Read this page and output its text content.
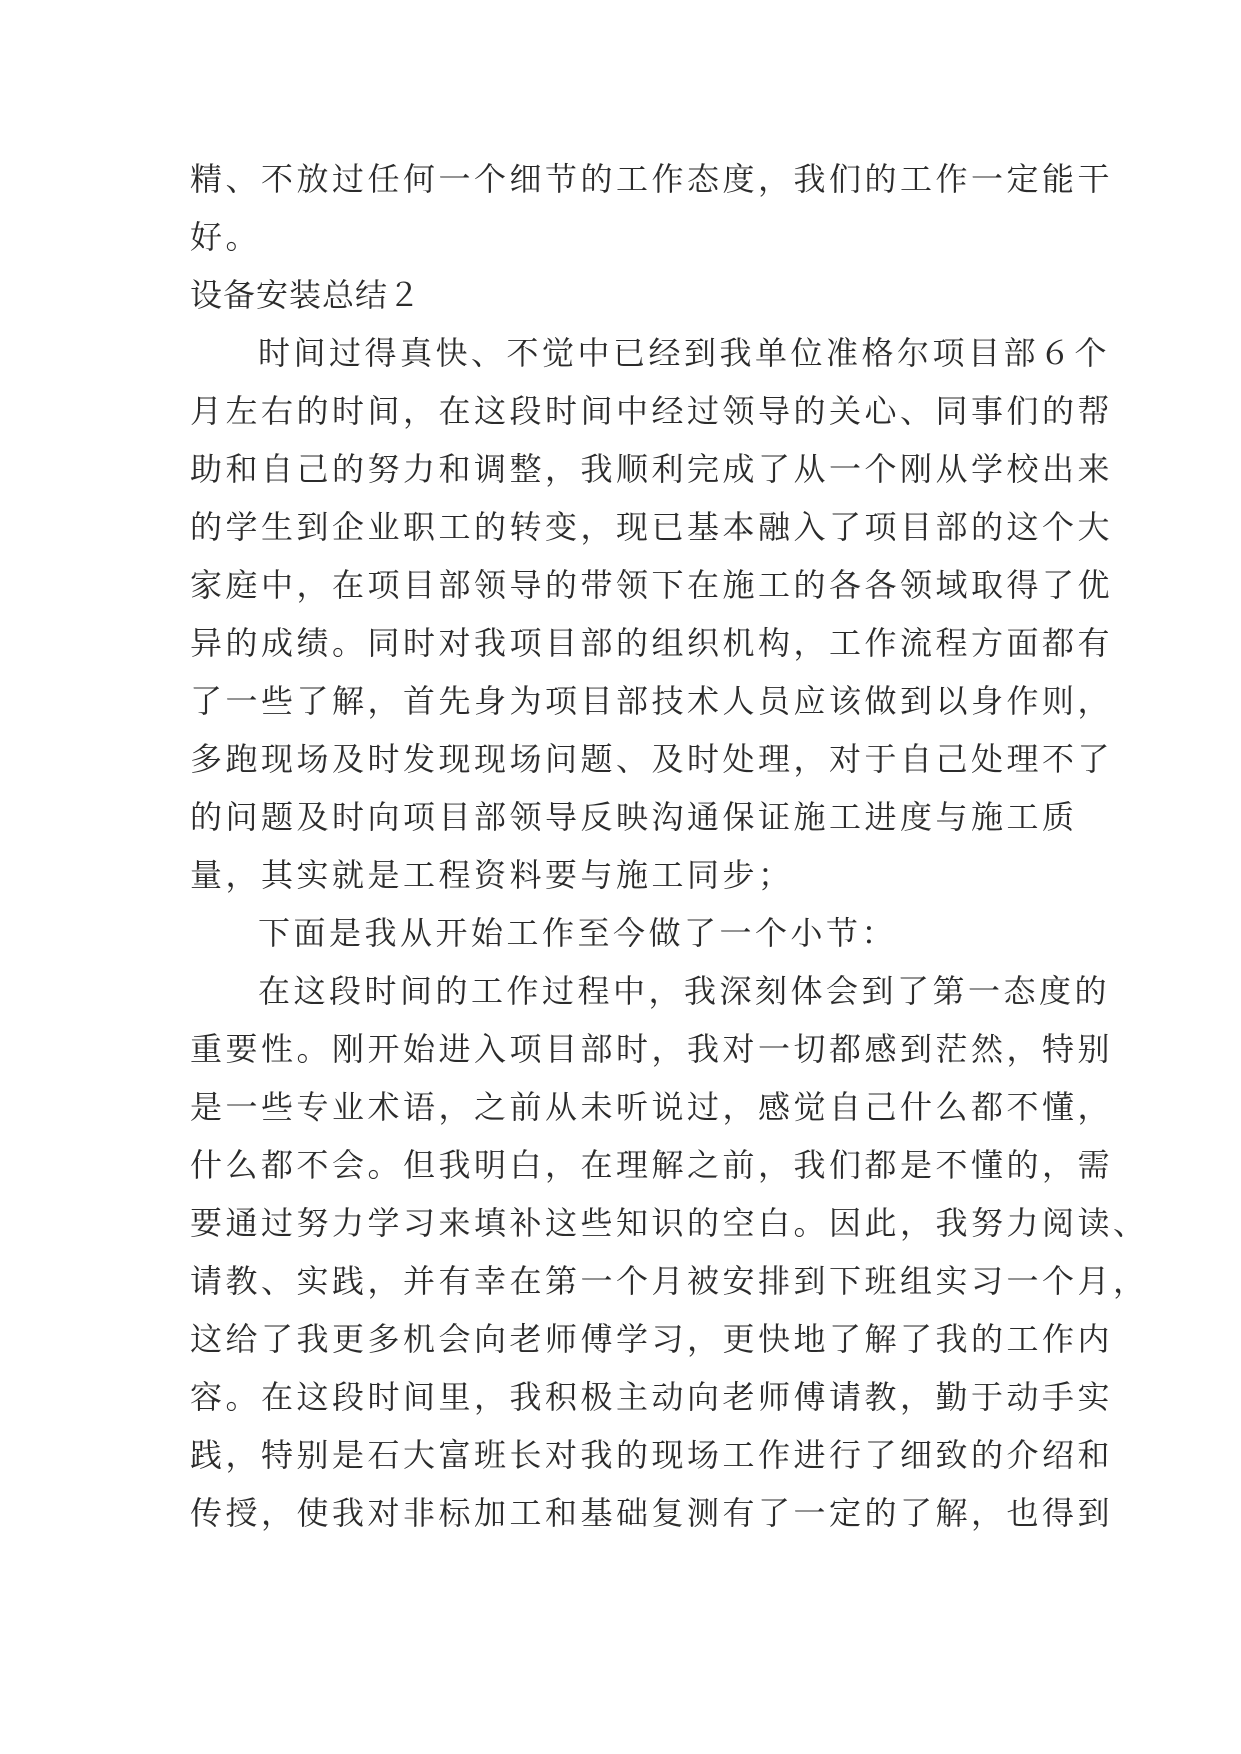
精、不放过任何一个细节的工作态度，我们的工作一定能干

好。

设备安装总结２

时间过得真快、不觉中已经到我单位准格尔项目部６个

月左右的时间，在这段时间中经过领导的关心、同事们的帮

助和自己的努力和调整，我顺利完成了从一个刚从学校出来

的学生到企业职工的转变，现已基本融入了项目部的这个大

家庭中，在项目部领导的带领下在施工的各各领域取得了优

异的成绩。同时对我项目部的组织机构，工作流程方面都有

了一些了解，首先身为项目部技术人员应该做到以身作则，

多跑现场及时发现现场问题、及时处理，对于自己处理不了

的问题及时向项目部领导反映沟通保证施工进度与施工质

量，其实就是工程资料要与施工同步；

下面是我从开始工作至今做了一个小节：

在这段时间的工作过程中，我深刻体会到了第一态度的

重要性。刚开始进入项目部时，我对一切都感到茫然，特别

是一些专业术语，之前从未听说过，感觉自己什么都不懂，

什么都不会。但我明白，在理解之前，我们都是不懂的，需

要通过努力学习来填补这些知识的空白。因此，我努力阅读、

请教、实践，并有幸在第一个月被安排到下班组实习一个月，

这给了我更多机会向老师傅学习，更快地了解了我的工作内

容。在这段时间里，我积极主动向老师傅请教，勤于动手实

践，特别是石大富班长对我的现场工作进行了细致的介绍和

传授，使我对非标加工和基础复测有了一定的了解，也得到
